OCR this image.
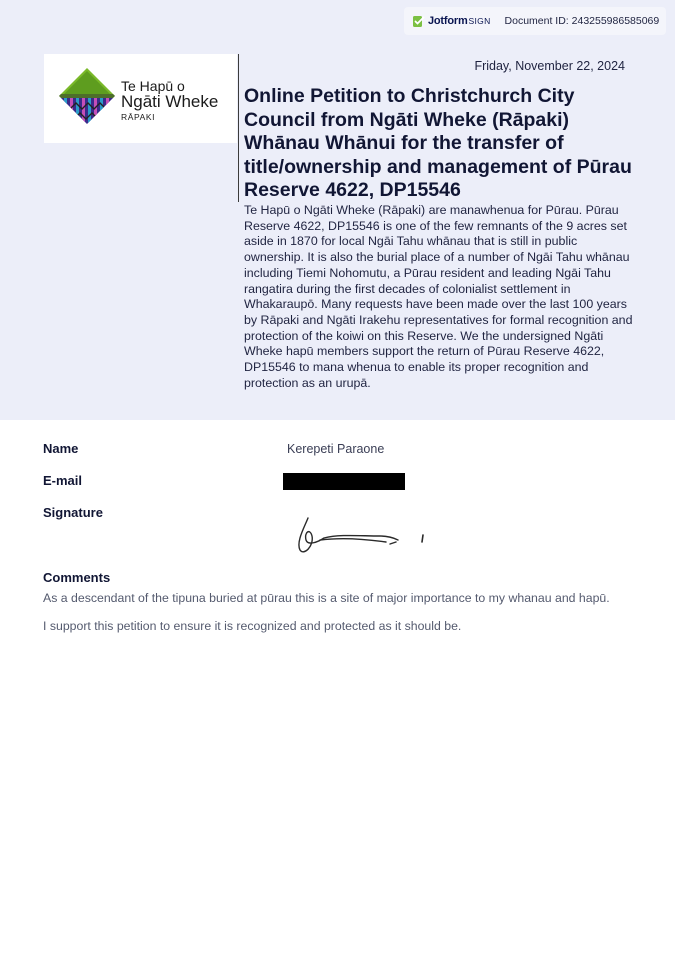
Jotform SIGN Document ID: 243255986585069
Te Hapū o
Ngāti Wheke
RĀPAKI
Friday, November 22, 2024
Online Petition to Christchurch City Council from Ngāti Wheke (Rāpaki) Whānau Whānui for the transfer of title/ownership and management of Pūrau Reserve 4622, DP15546
Te Hapū o Ngāti Wheke (Rāpaki) are manawhenua for Pūrau. Pūrau Reserve 4622, DP15546 is one of the few remnants of the 9 acres set aside in 1870 for local Ngāi Tahu whānau that is still in public ownership. It is also the burial place of a number of Ngāi Tahu whānau including Tiemi Nohomutu, a Pūrau resident and leading Ngāi Tahu rangatira during the first decades of colonialist settlement in Whakaraupō. Many requests have been made over the last 100 years by Rāpaki and Ngāti Irakehu representatives for formal recognition and protection of the koiwi on this Reserve. We the undersigned Ngāti Wheke hapū members support the return of Pūrau Reserve 4622, DP15546 to mana whenua to enable its proper recognition and protection as an urupā.
Name	Kerepeti Paraone
E-mail
Signature
Comments
As a descendant of the tipuna buried at pūrau this is a site of major importance to my whanau and hapū.
I support this petition to ensure it is recognized and protected as it should be.
